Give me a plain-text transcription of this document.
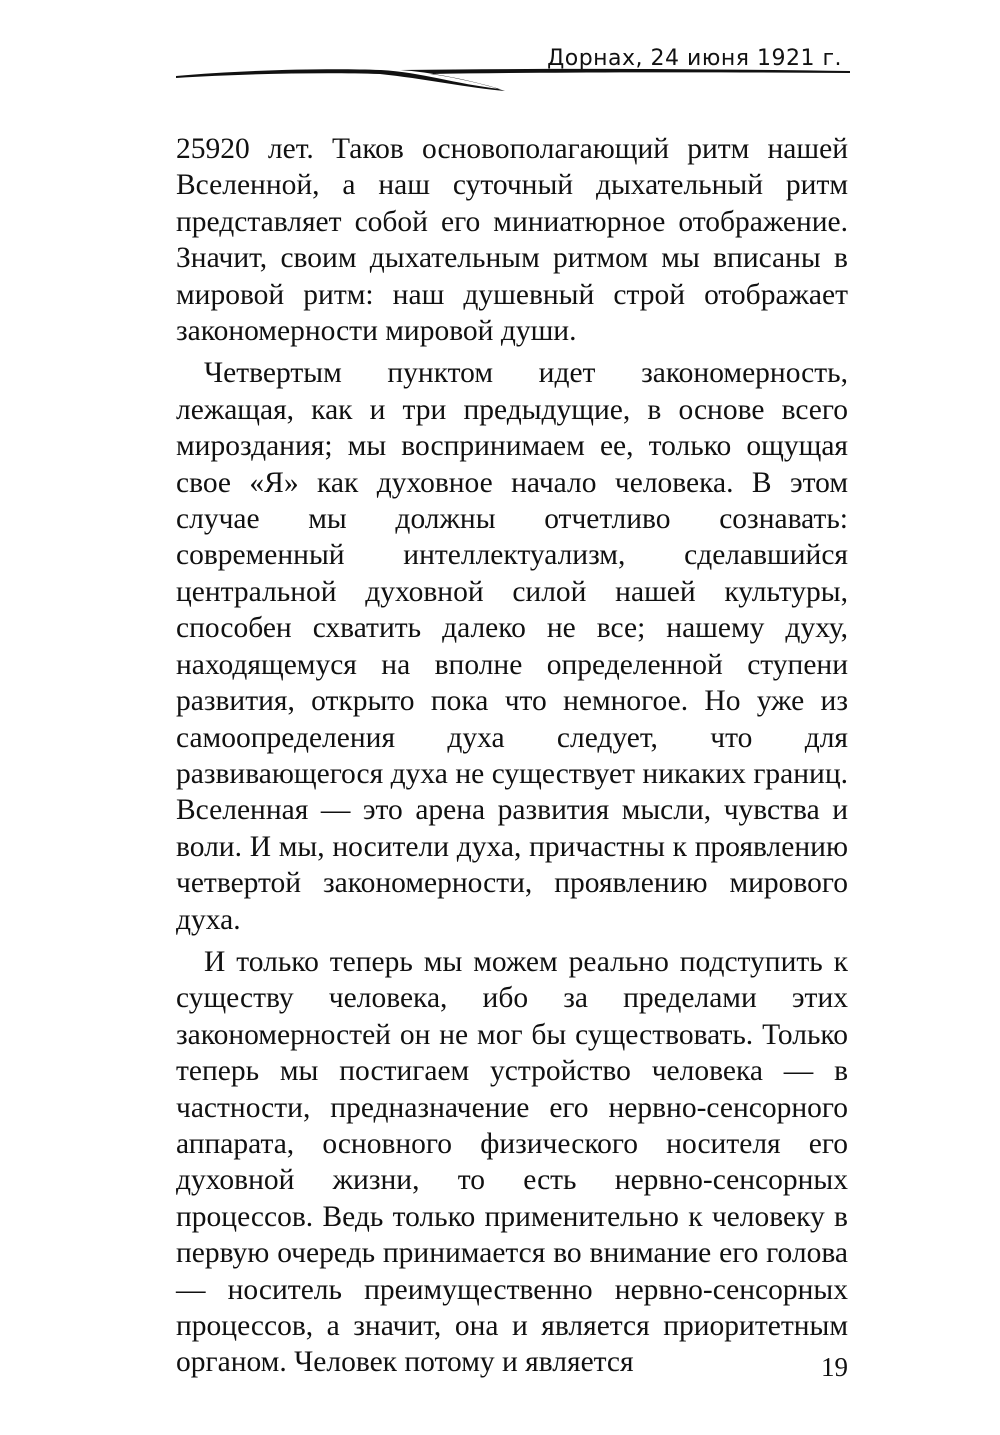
Дорнах, 24 июня 1921 г.

25920 лет. Таков основополагающий ритм нашей Вселенной, а наш суточный дыхательный ритм представляет собой его миниатюрное отображение. Значит, своим дыхательным ритмом мы вписаны в мировой ритм: наш душевный строй отображает закономерности мировой души.

Четвертым пунктом идет закономерность, лежащая, как и три предыдущие, в основе всего мироздания; мы воспринимаем ее, только ощущая свое «Я» как духовное начало человека. В этом случае мы должны отчетливо сознавать: современный интеллектуализм, сделавшийся центральной духовной силой нашей культуры, способен схватить далеко не все; нашему духу, находящемуся на вполне определенной ступени развития, открыто пока что немногое. Но уже из самоопределения духа следует, что для развивающегося духа не существует никаких границ. Вселенная — это арена развития мысли, чувства и воли. И мы, носители духа, причастны к проявлению четвертой закономерности, проявлению мирового духа.

И только теперь мы можем реально подступить к существу человека, ибо за пределами этих закономерностей он не мог бы существовать. Только теперь мы постигаем устройство человека — в частности, предназначение его нервно-сенсорного аппарата, основного физического носителя его духовной жизни, то есть нервно-сенсорных процессов. Ведь только применительно к человеку в первую очередь принимается во внимание его голова — носитель преимущественно нервно-сенсорных процессов, а значит, она и является приоритетным органом. Человек потому и является	19
